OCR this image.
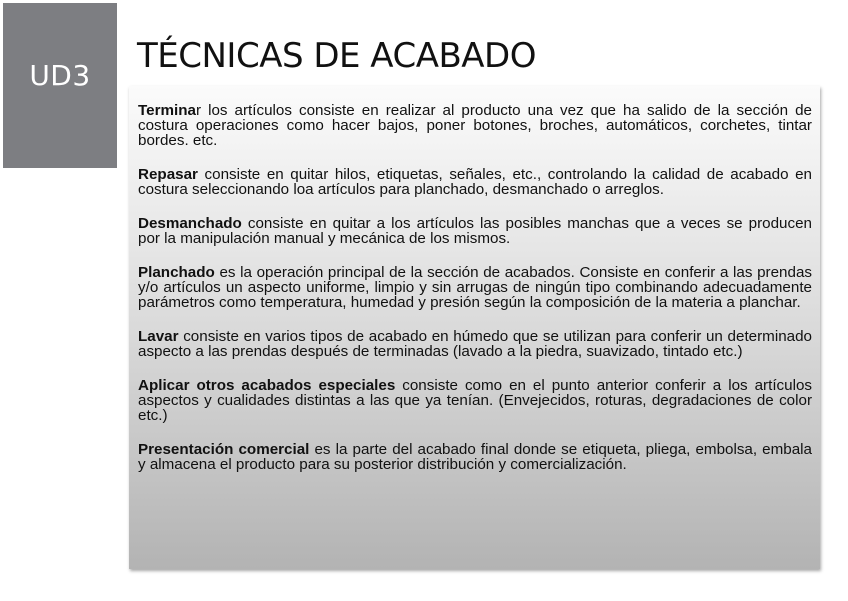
UD3	TÉCNICAS DE ACABADO

Terminar los artículos consiste en realizar al producto una vez que ha salido de la sección de costura operaciones como hacer bajos, poner botones, broches, automáticos, corchetes, tintar bordes. etc.

Repasar consiste en quitar hilos, etiquetas, señales, etc., controlando la calidad de acabado en costura seleccionando loa artículos para planchado, desmanchado o arreglos.

Desmanchado consiste en quitar a los artículos las posibles manchas que a veces se producen por la manipulación manual y mecánica de los mismos.

Planchado es la operación principal de la sección de acabados. Consiste en conferir a las prendas y/o artículos un aspecto uniforme, limpio y sin arrugas de ningún tipo combinando adecuadamente parámetros como temperatura, humedad y presión según la composición de la materia a planchar.

Lavar consiste en varios tipos de acabado en húmedo que se utilizan para conferir un determinado aspecto a las prendas después de terminadas (lavado a la piedra, suavizado, tintado etc.)

Aplicar otros acabados especiales consiste como en el punto anterior conferir a los artículos aspectos y cualidades distintas a las que ya tenían. (Envejecidos, roturas, degradaciones de color etc.)

Presentación comercial es la parte del acabado final donde se etiqueta, pliega, embolsa, embala y almacena el producto para su posterior distribución y comercialización.
